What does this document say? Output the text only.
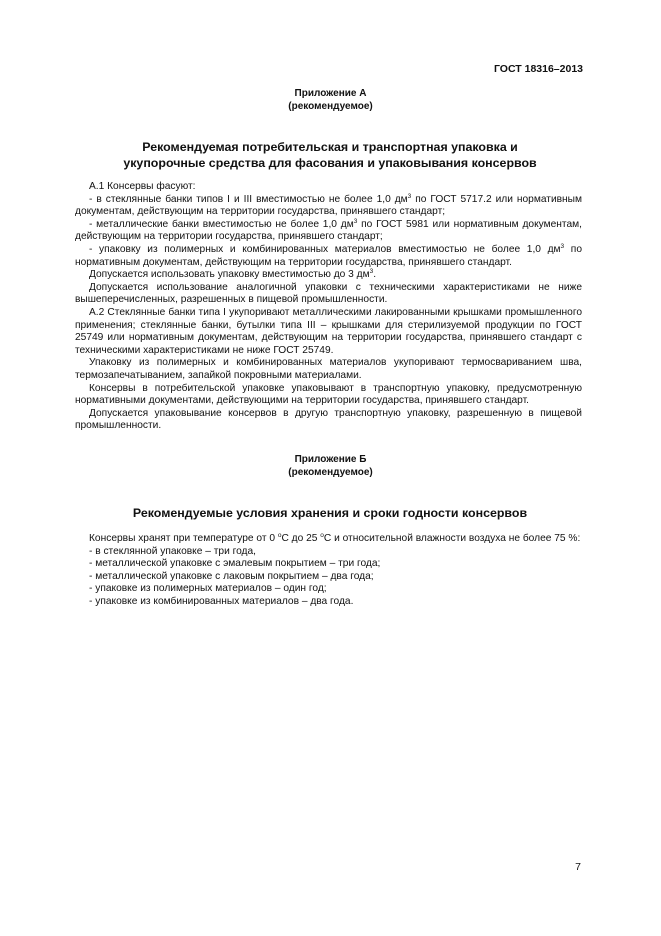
ГОСТ 18316–2013
Приложение А
(рекомендуемое)
Рекомендуемая потребительская и транспортная упаковка и
укупорочные средства для фасования и упаковывания консервов

А.1 Консервы фасуют:

- в стеклянные банки типов I и III вместимостью не более 1,0 $дм^3$ по ГОСТ 5717.2 или нормативным документам, действующим на территории государства, принявшего стандарт;

- металлические банки вместимостью не более 1,0 $дм^3$ по ГОСТ 5981 или нормативным документам, действующим на территории государства, принявшего стандарт;

- упаковку из полимерных и комбинированных материалов вместимостью не более 1,0 $дм^3$ по нормативным документам, действующим на территории государства, принявшего стандарт.

Допускается использовать упаковку вместимостью до 3 $дм^3$.

Допускается использование аналогичной упаковки с техническими характеристиками не ниже вышеперечисленных, разрешенных в пищевой промышленности.

А.2 Стеклянные банки типа I укупоривают металлическими лакированными крышками промышленного применения; стеклянные банки, бутылки типа III – крышками для стерилизуемой продукции по ГОСТ 25749 или нормативным документам, действующим на территории государства, принявшего стандарт с техническими характеристиками не ниже ГОСТ 25749.

Упаковку из полимерных и комбинированных материалов укупоривают термосвариванием шва, термозапечатыванием, запайкой покровными материалами.

Консервы в потребительской упаковке упаковывают в транспортную упаковку, предусмотренную нормативными документами, действующими на территории государства, принявшего стандарт.

Допускается упаковывание консервов в другую транспортную упаковку, разрешенную в пищевой промышленности.

Приложение Б
(рекомендуемое)
Рекомендуемые условия хранения и сроки годности консервов

Консервы хранят при температуре от 0 $^о$С до 25 $^о$С и относительной влажности воздуха не более 75 %:

- в стеклянной упаковке – три года,

- металлической упаковке с эмалевым покрытием – три года;

- металлической упаковке с лаковым покрытием – два года;

- упаковке из полимерных материалов – один год;

- упаковке из комбинированных материалов – два года.

7
